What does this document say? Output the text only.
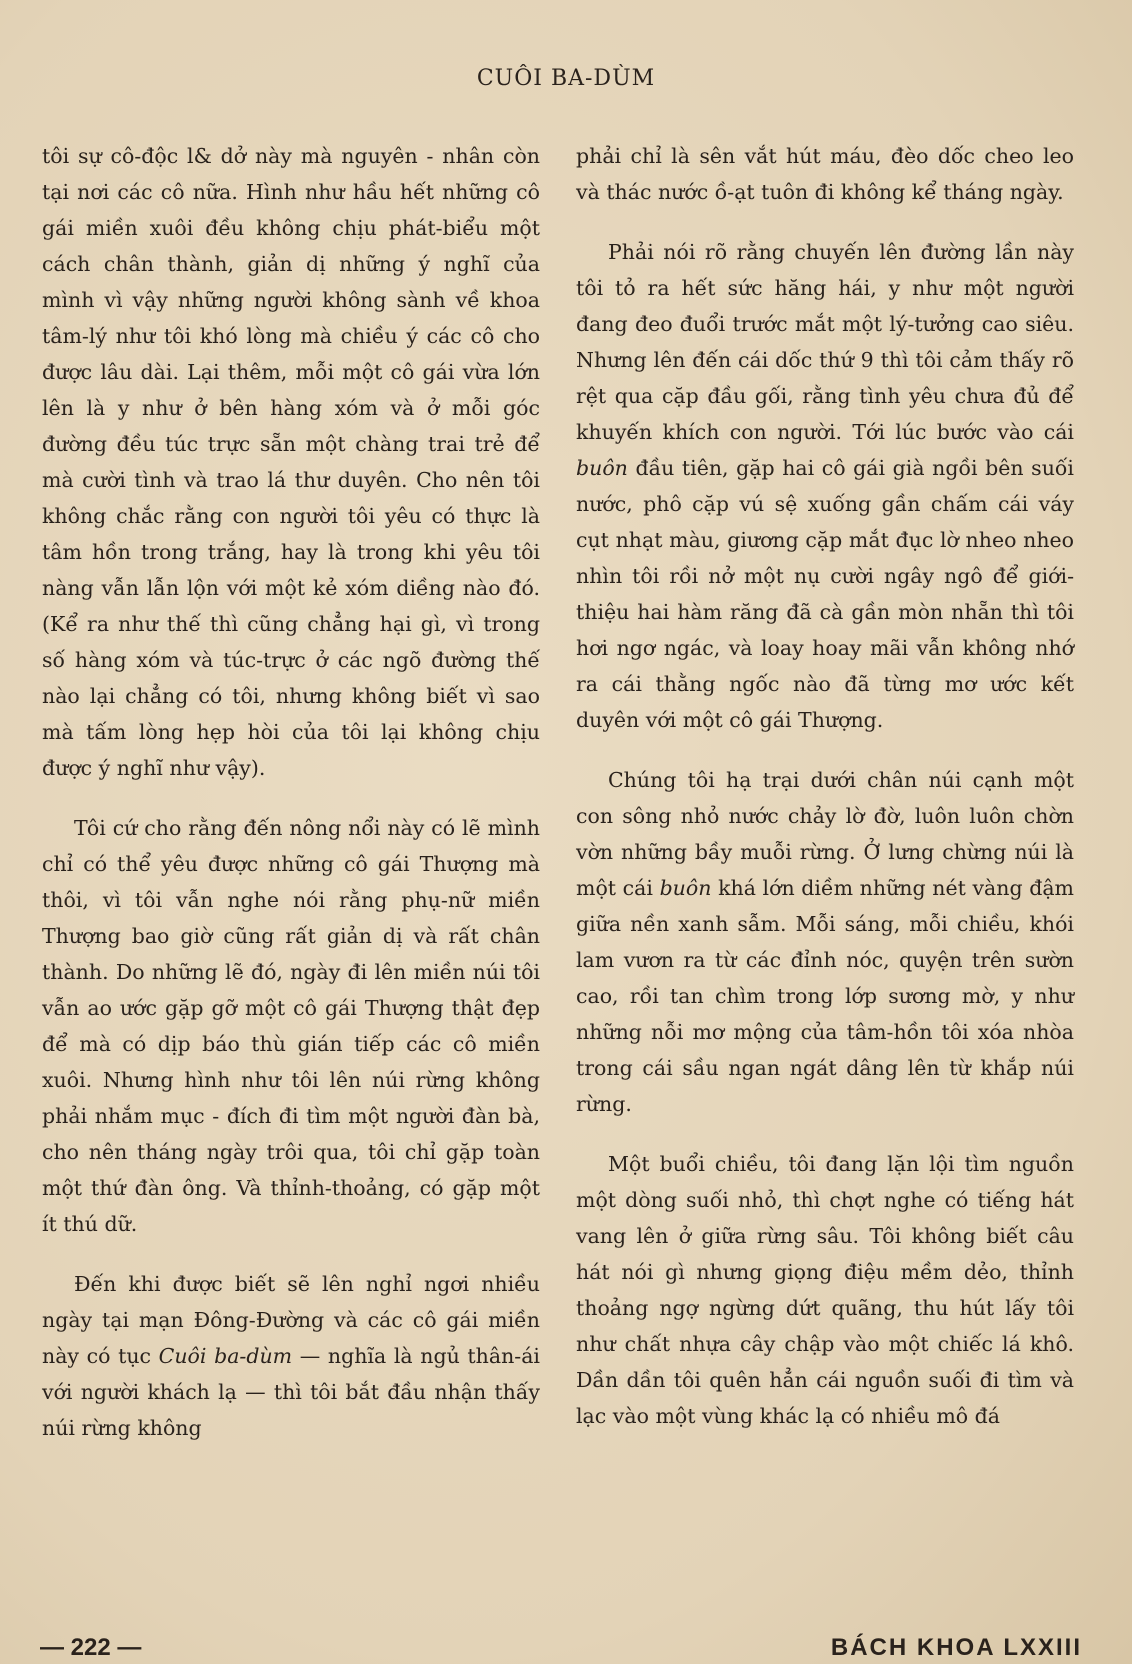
CUÔI BA-DÙM

tôi sự cô-độc l& dở này mà nguyên - nhân còn tại nơi các cô nữa. Hình như hầu hết những cô gái miền xuôi đều không chịu phát-biểu một cách chân thành, giản dị những ý nghĩ của mình vì vậy những người không sành về khoa tâm-lý như tôi khó lòng mà chiều ý các cô cho được lâu dài. Lại thêm, mỗi một cô gái vừa lớn lên là y như ở bên hàng xóm và ở mỗi góc đường đều túc trực sẵn một chàng trai trẻ để mà cười tình và trao lá thư duyên. Cho nên tôi không chắc rằng con người tôi yêu có thực là tâm hồn trong trắng, hay là trong khi yêu tôi nàng vẫn lẫn lộn với một kẻ xóm diềng nào đó. (Kể ra như thế thì cũng chẳng hại gì, vì trong số hàng xóm và túc-trực ở các ngõ đường thế nào lại chẳng có tôi, nhưng không biết vì sao mà tấm lòng hẹp hòi của tôi lại không chịu được ý nghĩ như vậy).

Tôi cứ cho rằng đến nông nổi này có lẽ mình chỉ có thể yêu được những cô gái Thượng mà thôi, vì tôi vẫn nghe nói rằng phụ-nữ miền Thượng bao giờ cũng rất giản dị và rất chân thành. Do những lẽ đó, ngày đi lên miền núi tôi vẫn ao ước gặp gỡ một cô gái Thượng thật đẹp để mà có dịp báo thù gián tiếp các cô miền xuôi. Nhưng hình như tôi lên núi rừng không phải nhắm mục - đích đi tìm một người đàn bà, cho nên tháng ngày trôi qua, tôi chỉ gặp toàn một thứ đàn ông. Và thỉnh-thoảng, có gặp một ít thú dữ.

Đến khi được biết sẽ lên nghỉ ngơi nhiều ngày tại mạn Đông-Đường và các cô gái miền này có tục Cuôi ba-dùm — nghĩa là ngủ thân-ái với người khách lạ — thì tôi bắt đầu nhận thấy núi rừng không

phải chỉ là sên vắt hút máu, đèo dốc cheo leo và thác nước ồ-ạt tuôn đi không kể tháng ngày.

Phải nói rõ rằng chuyến lên đường lần này tôi tỏ ra hết sức hăng hái, y như một người đang đeo đuổi trước mắt một lý-tưởng cao siêu. Nhưng lên đến cái dốc thứ 9 thì tôi cảm thấy rõ rệt qua cặp đầu gối, rằng tình yêu chưa đủ để khuyến khích con người. Tới lúc bước vào cái buôn đầu tiên, gặp hai cô gái già ngồi bên suối nước, phô cặp vú sệ xuống gần chấm cái váy cụt nhạt màu, giương cặp mắt đục lờ nheo nheo nhìn tôi rồi nở một nụ cười ngây ngô để giới-thiệu hai hàm răng đã cà gần mòn nhẵn thì tôi hơi ngơ ngác, và loay hoay mãi vẫn không nhớ ra cái thằng ngốc nào đã từng mơ ước kết duyên với một cô gái Thượng.

Chúng tôi hạ trại dưới chân núi cạnh một con sông nhỏ nước chảy lờ đờ, luôn luôn chờn vờn những bầy muỗi rừng. Ở lưng chừng núi là một cái buôn khá lớn diềm những nét vàng đậm giữa nền xanh sẫm. Mỗi sáng, mỗi chiều, khói lam vươn ra từ các đỉnh nóc, quyện trên sườn cao, rồi tan chìm trong lớp sương mờ, y như những nỗi mơ mộng của tâm-hồn tôi xóa nhòa trong cái sầu ngan ngát dâng lên từ khắp núi rừng.

Một buổi chiều, tôi đang lặn lội tìm nguồn một dòng suối nhỏ, thì chợt nghe có tiếng hát vang lên ở giữa rừng sâu. Tôi không biết câu hát nói gì nhưng giọng điệu mềm dẻo, thỉnh thoảng ngợ ngừng dứt quãng, thu hút lấy tôi như chất nhựa cây chập vào một chiếc lá khô. Dần dần tôi quên hẳn cái nguồn suối đi tìm và lạc vào một vùng khác lạ có nhiều mô đá

— 222 —	BÁCH KHOA LXXIII
